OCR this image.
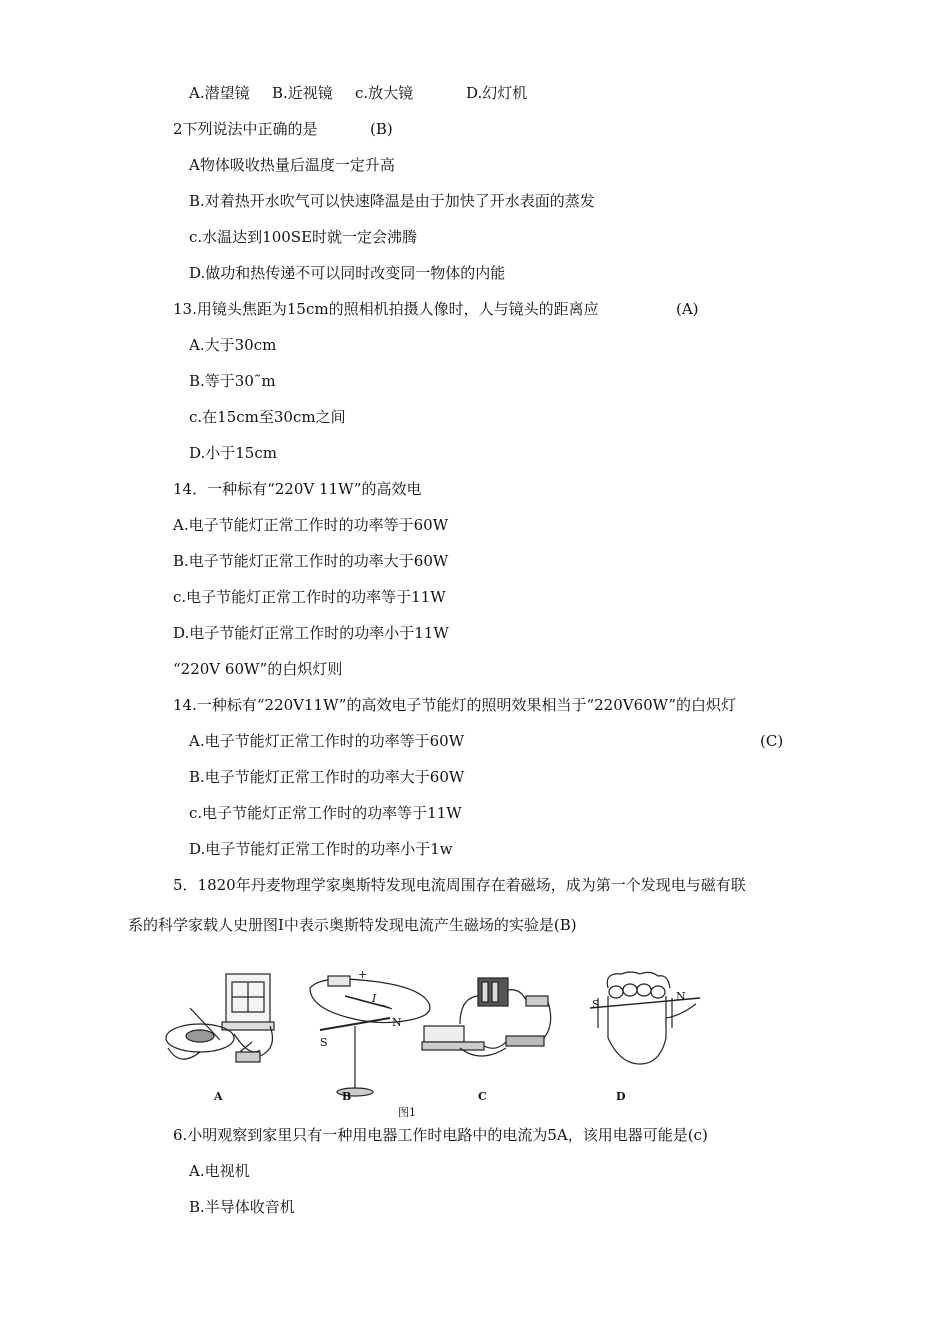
A.潜望镜 B.近视镜 c.放大镜	D.幻灯机
2下列说法中正确的是	(B)
A物体吸收热量后温度一定升高
B.对着热开水吹气可以快速降温是由于加快了开水表面的蒸发
c.水温达到100SE时就一定会沸腾
D.做功和热传递不可以同时改变同一物体的内能
13.用镜头焦距为15cm的照相机拍摄人像时，人与镜头的距离应	(A)
A.大于30cm
B.等于30˜m
c.在15cm至30cm之间
D.小于15cm
14．一种标有“220V 11W”的高效电
A.电子节能灯正常工作时的功率等于60W
B.电子节能灯正常工作时的功率大于60W
c.电子节能灯正常工作时的功率等于11W
D.电子节能灯正常工作时的功率小于11W
“220V 60W”的白炽灯则
14.一种标有“220V11W”的高效电子节能灯的照明效果相当于“220V60W”的白炽灯
A.电子节能灯正常工作时的功率等于60W	(C)
B.电子节能灯正常工作时的功率大于60W
c.电子节能灯正常工作时的功率等于11W
D.电子节能灯正常工作时的功率小于1w
5．1820年丹麦物理学家奥斯特发现电流周围存在着磁场，成为第一个发现电与磁有联
系的科学家载人史册图I中表示奥斯特发现电流产生磁场的实验是(B)
+
I
S
N
S
N
A	B	C	D
图1
6.小明观察到家里只有一种用电器工作时电路中的电流为5A，该用电器可能是(c)
A.电视机
B.半导体收音机
